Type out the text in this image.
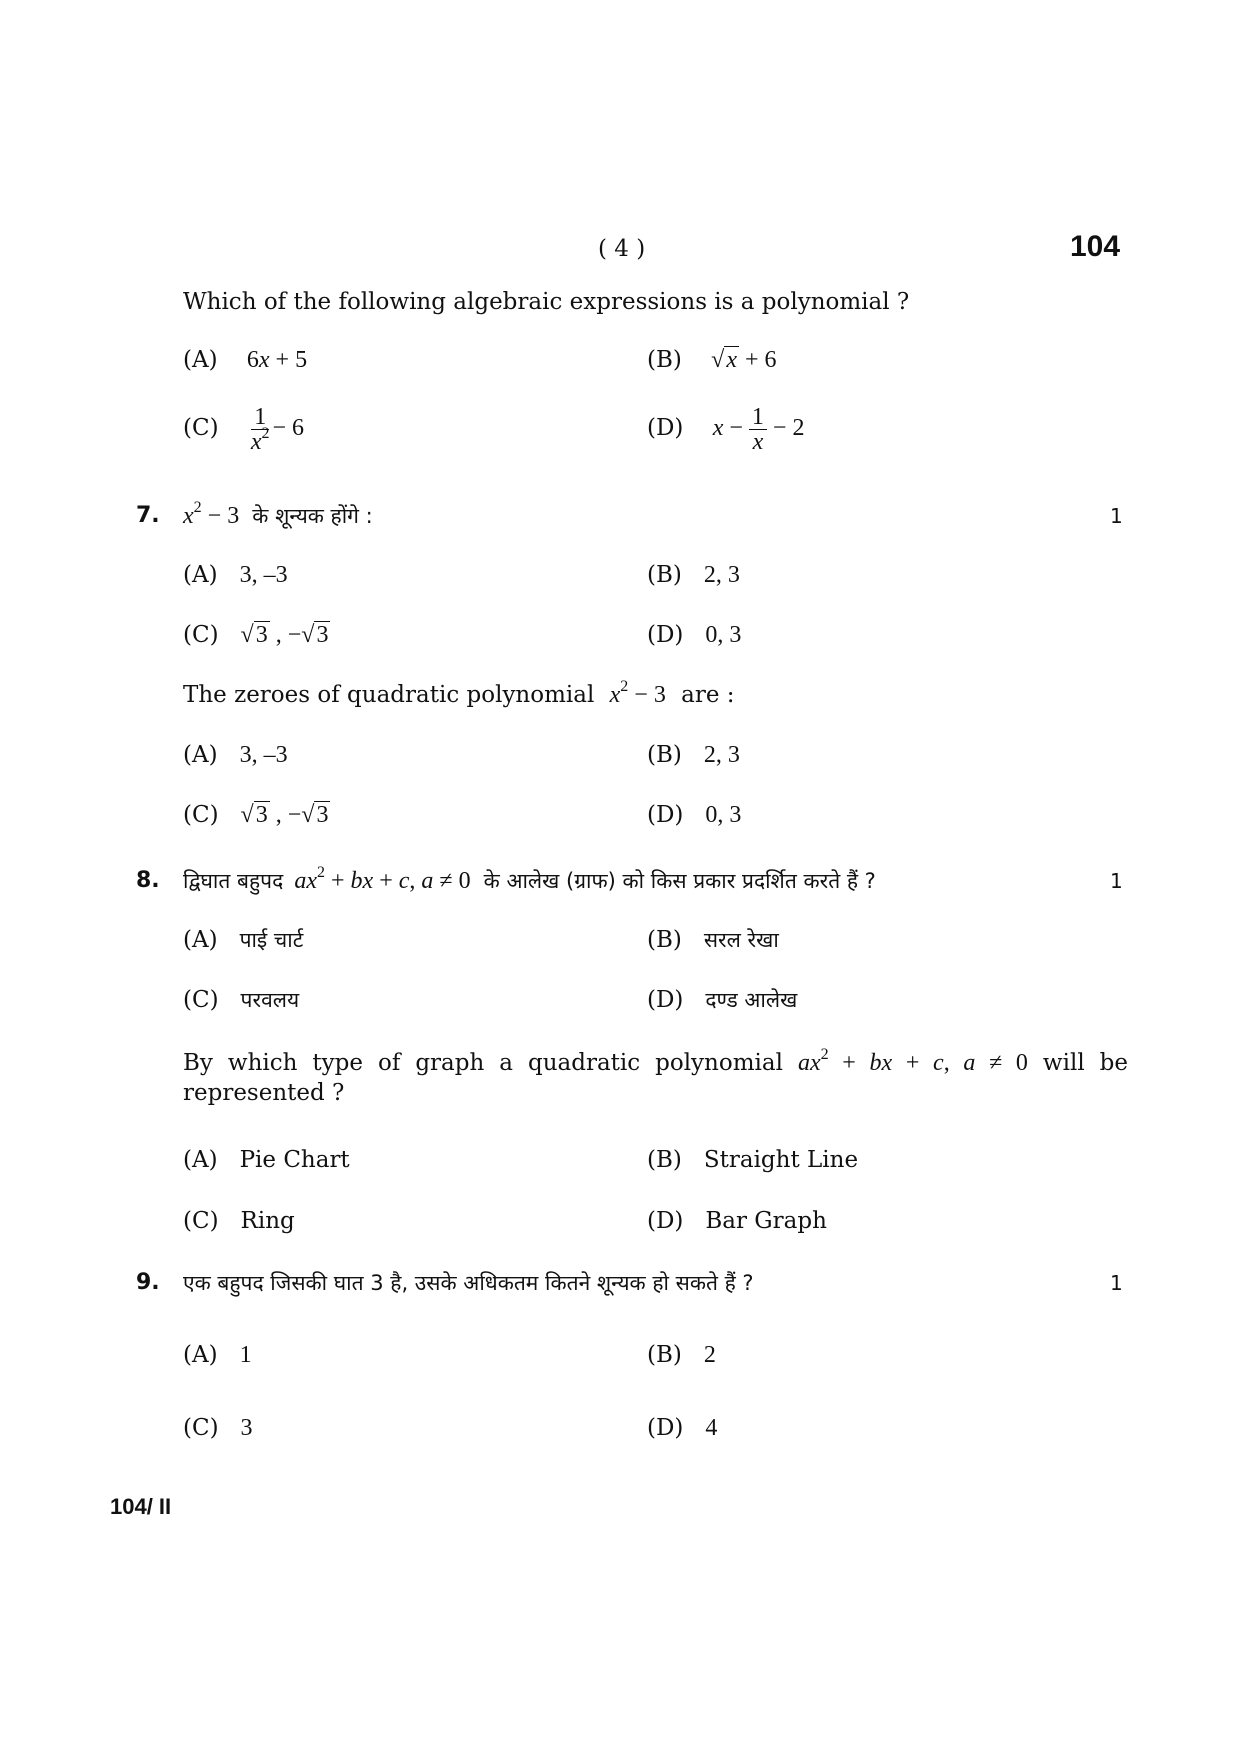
( 4 )	104
Which of the following algebraic expressions is a polynomial ?
(A) 6x + 5	(B) √x + 6
$(C) \frac{1}{x^2} - 6$	(D) $x - \frac{1}{x} - 2$
7. $x^2 - 3$ के शून्यक होंगे :	1
(A) 3, –3	(B) 2, 3
(C) √3 , −√3	(D) 0, 3
The zeroes of quadratic polynomial $x^2 - 3$ are :
(A) 3, –3	(B) 2, 3
(C) √3 , −√3	(D) 0, 3
8. द्विघात बहुपद $ax^2$ + bx + c, a ≠ 0 के आलेख (ग्राफ) को किस प्रकार प्रदर्शित करते हैं ?	1
(A) पाई चार्ट	(B) सरल रेखा
(C) परवलय	(D) दण्ड आलेख
By which type of graph a quadratic polynomial $ax^2$ + bx + c, a ≠ 0 will be represented ?
(A) Pie Chart	(B) Straight Line
(C) Ring	(D) Bar Graph
9. एक बहुपद जिसकी घात 3 है, उसके अधिकतम कितने शून्यक हो सकते हैं ?	1
(A) 1	(B) 2
(C) 3	(D) 4
104/ II
